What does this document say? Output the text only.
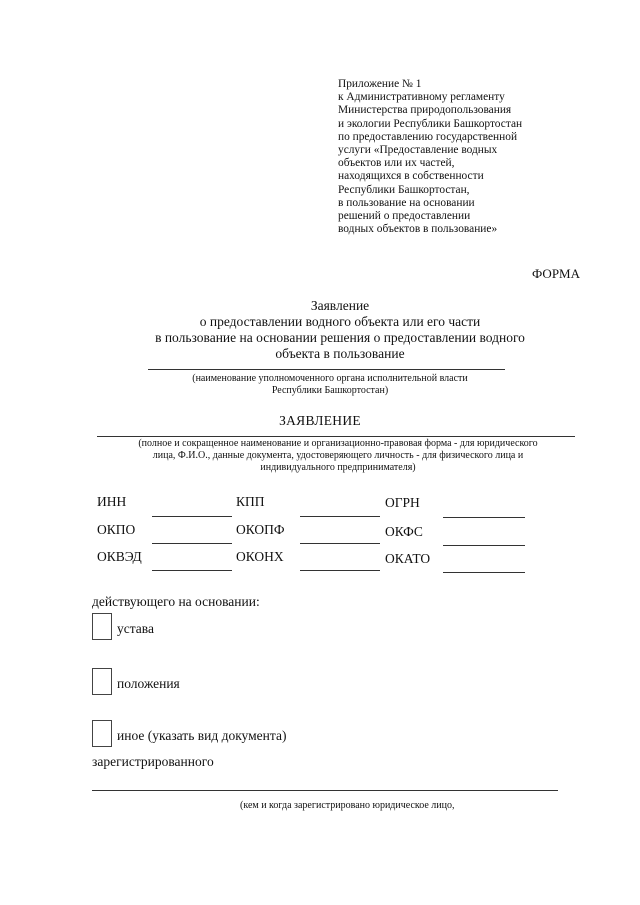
Приложение № 1
к Административному регламенту
Министерства природопользования
и экологии Республики Башкортостан
по предоставлению государственной
услуги «Предоставление водных
объектов или их частей,
находящихся в собственности
Республики Башкортостан,
в пользование на основании
решений о предоставлении
водных объектов в пользование»
ФОРМА
Заявление
о предоставлении водного объекта или его части
в пользование на основании решения о предоставлении водного
объекта в пользование
(наименование уполномоченного органа исполнительной власти
Республики Башкортостан)
ЗАЯВЛЕНИЕ
(полное и сокращенное наименование и организационно-правовая форма - для юридического
лица, Ф.И.О., данные документа, удостоверяющего личность - для физического лица и
индивидуального предпринимателя)
ИНН	КПП	ОГРН
ОКПО	ОКОПФ	ОКФС
ОКВЭД	ОКОНХ	ОКАТО
действующего на основании:
устава
положения
иное (указать вид документа)
зарегистрированного
(кем и когда зарегистрировано юридическое лицо,
